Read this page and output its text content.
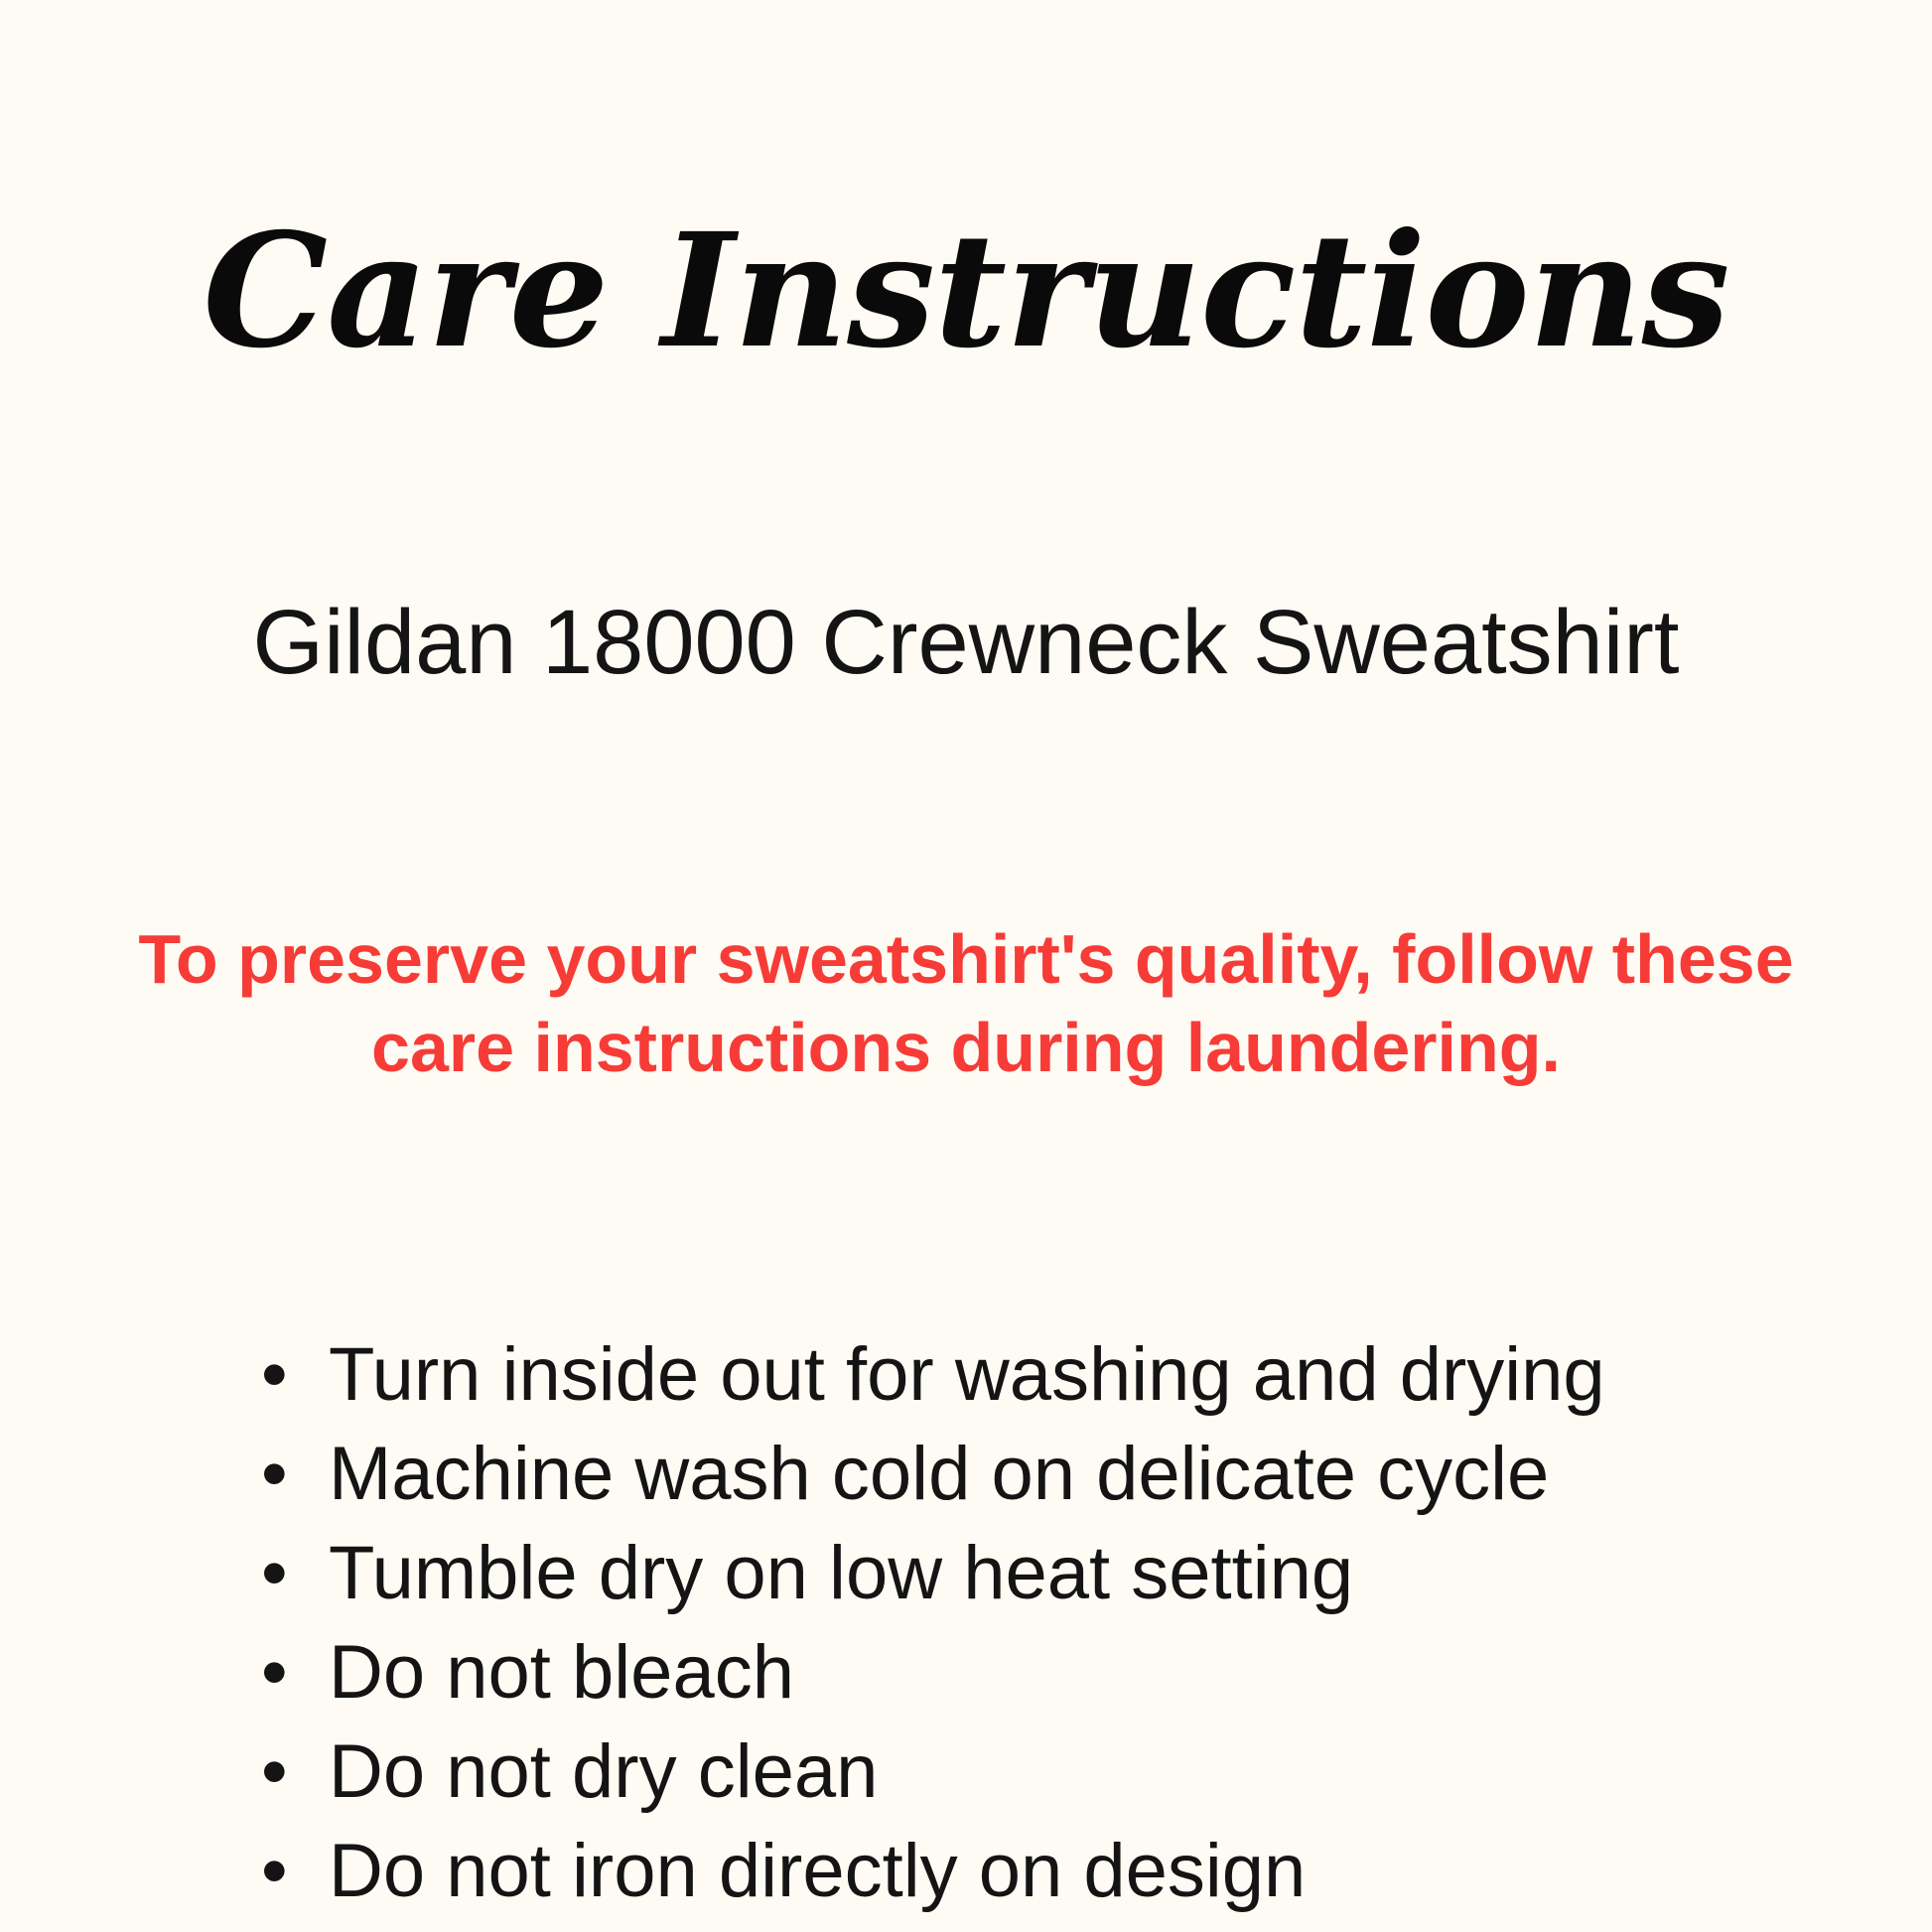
Care Instructions
Gildan 18000 Crewneck Sweatshirt

To preserve your sweatshirt's quality, follow these care instructions during laundering.

• Turn inside out for washing and drying
• Machine wash cold on delicate cycle
• Tumble dry on low heat setting
• Do not bleach
• Do not dry clean
• Do not iron directly on design
